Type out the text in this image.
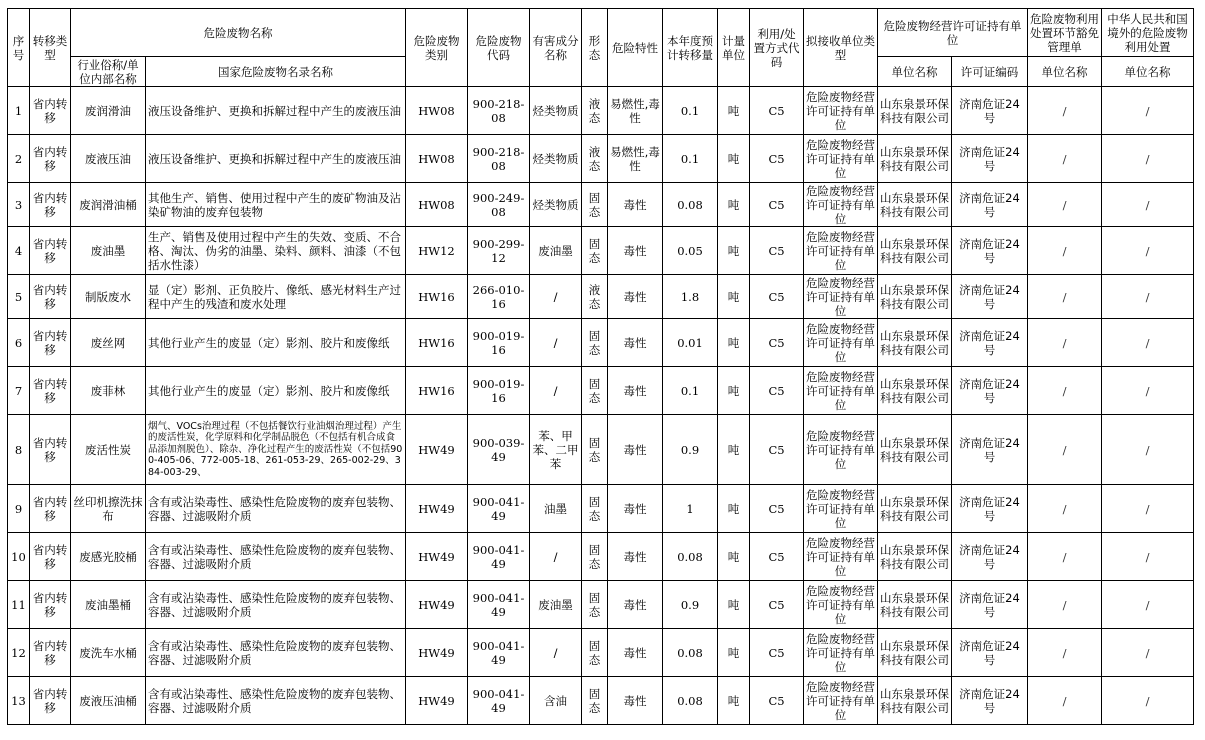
序号	转移类型	危险废物名称		危险废物类别	危险废物代码	有害成分名称	形态	危险特性	本年度预计转移量	计量单位	利用/处置方式代码	拟接收单位类型	危险废物经营许可证持有单位		危险废物利用处置环节豁免管理单	中华人民共和国境外的危险废物利用处置
		行业俗称/单位内部名称	国家危险废物名录名称										单位名称	许可证编码	单位名称	单位名称
1	省内转移	废润滑油	液压设备维护、更换和拆解过程中产生的废液压油	HW08	900-218-08	烃类物质	液态	易燃性,毒性	0.1	吨	C5	危险废物经营许可证持有单位	山东泉景环保科技有限公司	济南危证24号	/	/
2	省内转移	废液压油	液压设备维护、更换和拆解过程中产生的废液压油	HW08	900-218-08	烃类物质	液态	易燃性,毒性	0.1	吨	C5	危险废物经营许可证持有单位	山东泉景环保科技有限公司	济南危证24号	/	/
3	省内转移	废润滑油桶	其他生产、销售、使用过程中产生的废矿物油及沾染矿物油的废弃包装物	HW08	900-249-08	烃类物质	固态	毒性	0.08	吨	C5	危险废物经营许可证持有单位	山东泉景环保科技有限公司	济南危证24号	/	/
4	省内转移	废油墨	生产、销售及使用过程中产生的失效、变质、不合格、淘汰、伪劣的油墨、染料、颜料、油漆（不包括水性漆）	HW12	900-299-12	废油墨	固态	毒性	0.05	吨	C5	危险废物经营许可证持有单位	山东泉景环保科技有限公司	济南危证24号	/	/
5	省内转移	制版废水	显（定）影剂、正负胶片、像纸、感光材料生产过程中产生的残渣和废水处理	HW16	266-010-16	/	液态	毒性	1.8	吨	C5	危险废物经营许可证持有单位	山东泉景环保科技有限公司	济南危证24号	/	/
6	省内转移	废丝网	其他行业产生的废显（定）影剂、胶片和废像纸	HW16	900-019-16	/	固态	毒性	0.01	吨	C5	危险废物经营许可证持有单位	山东泉景环保科技有限公司	济南危证24号	/	/
7	省内转移	废菲林	其他行业产生的废显（定）影剂、胶片和废像纸	HW16	900-019-16	/	固态	毒性	0.1	吨	C5	危险废物经营许可证持有单位	山东泉景环保科技有限公司	济南危证24号	/	/
8	省内转移	废活性炭	烟气、VOCs治理过程（不包括餐饮行业油烟治理过程）产生的废活性炭，化学原料和化学制品脱色（不包括有机合成食品添加剂脱色）、除杂、净化过程产生的废活性炭（不包括900-405-06、772-005-18、261-053-29、265-002-29、384-003-29、	HW49	900-039-49	苯、甲苯、二甲苯	固态	毒性	0.9	吨	C5	危险废物经营许可证持有单位	山东泉景环保科技有限公司	济南危证24号	/	/
9	省内转移	丝印机擦洗抹布	含有或沾染毒性、感染性危险废物的废弃包装物、容器、过滤吸附介质	HW49	900-041-49	油墨	固态	毒性	1	吨	C5	危险废物经营许可证持有单位	山东泉景环保科技有限公司	济南危证24号	/	/
10	省内转移	废感光胶桶	含有或沾染毒性、感染性危险废物的废弃包装物、容器、过滤吸附介质	HW49	900-041-49	/	固态	毒性	0.08	吨	C5	危险废物经营许可证持有单位	山东泉景环保科技有限公司	济南危证24号	/	/
11	省内转移	废油墨桶	含有或沾染毒性、感染性危险废物的废弃包装物、容器、过滤吸附介质	HW49	900-041-49	废油墨	固态	毒性	0.9	吨	C5	危险废物经营许可证持有单位	山东泉景环保科技有限公司	济南危证24号	/	/
12	省内转移	废洗车水桶	含有或沾染毒性、感染性危险废物的废弃包装物、容器、过滤吸附介质	HW49	900-041-49	/	固态	毒性	0.08	吨	C5	危险废物经营许可证持有单位	山东泉景环保科技有限公司	济南危证24号	/	/
13	省内转移	废液压油桶	含有或沾染毒性、感染性危险废物的废弃包装物、容器、过滤吸附介质	HW49	900-041-49	含油	固态	毒性	0.08	吨	C5	危险废物经营许可证持有单位	山东泉景环保科技有限公司	济南危证24号	/	/
